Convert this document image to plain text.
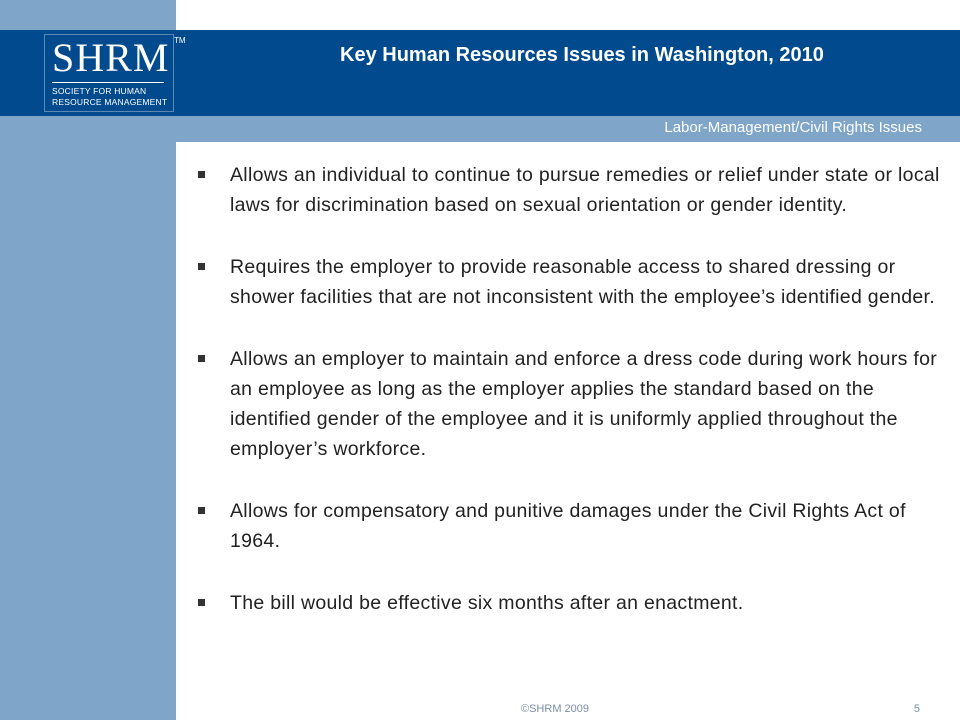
SHRM TM
SOCIETY FOR HUMAN
RESOURCE MANAGEMENT
Key Human Resources Issues in Washington, 2010
Labor-Management/Civil Rights Issues
Allows an individual to continue to pursue remedies or relief under state or local laws for discrimination based on sexual orientation or gender identity.
Requires the employer to provide reasonable access to shared dressing or shower facilities that are not inconsistent with the employee’s identified gender.
Allows an employer to maintain and enforce a dress code during work hours for an employee as long as the employer applies the standard based on the identified gender of the employee and it is uniformly applied throughout the employer’s workforce.
Allows for compensatory and punitive damages under the Civil Rights Act of 1964.
The bill would be effective six months after an enactment.
©SHRM 2009	5
